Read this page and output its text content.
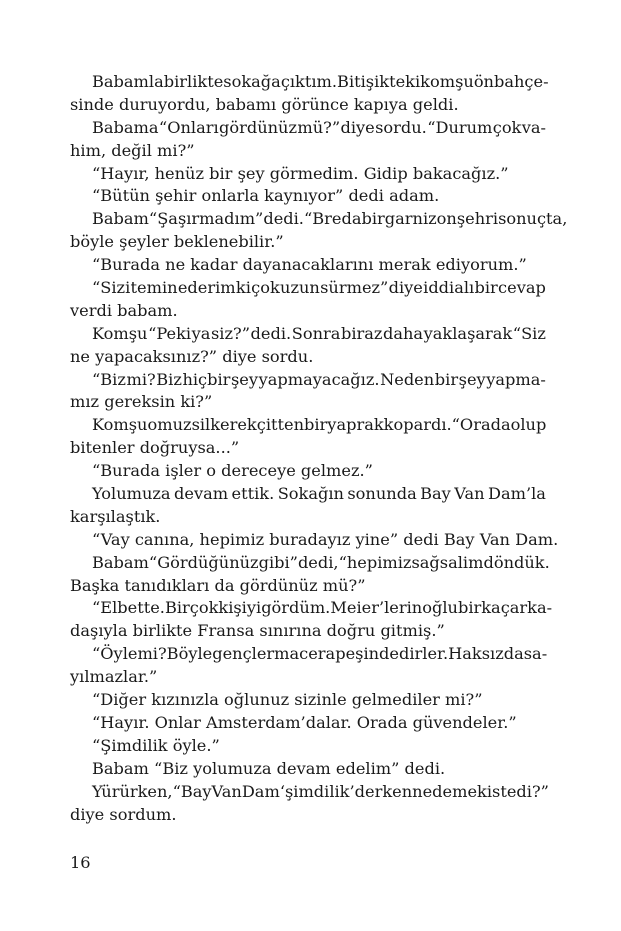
Babamla birlikte sokağa çıktım. Bitişikteki komşu ön bahçe-
sinde duruyordu, babamı görünce kapıya geldi.
Babama “Onları gördünüz mü?” diye sordu. “Durum çok va-
him, değil mi?”
“Hayır, henüz bir şey görmedim. Gidip bakacağız.”
“Bütün şehir onlarla kaynıyor” dedi adam.
Babam “Şaşırmadım” dedi. “Breda bir garnizon şehri sonuçta,
böyle şeyler beklenebilir.”
“Burada ne kadar dayanacaklarını merak ediyorum.”
“Sizi temin ederim ki çok uzun sürmez” diye iddialı bir cevap
verdi babam.
Komşu “Peki ya siz?” dedi. Sonra biraz daha yaklaşarak “Siz
ne yapacaksınız?” diye sordu.
“Biz mi? Biz hiçbir şey yapmayacağız. Neden bir şey yapma-
mız gereksin ki?”
Komşu omuz silkerek çitten bir yaprak kopardı. “Orada olup
bitenler doğruysa...”
“Burada işler o dereceye gelmez.”
Yolumuza devam ettik. Sokağın sonunda Bay Van Dam’la
karşılaştık.
“Vay canına, hepimiz buradayız yine” dedi Bay Van Dam.
Babam “Gördüğünüz gibi” dedi, “hepimiz sağ salim döndük.
Başka tanıdıkları da gördünüz mü?”
“Elbette. Birçok kişiyi gördüm. Meier’lerin oğlu birkaç arka-
daşıyla birlikte Fransa sınırına doğru gitmiş.”
“Öyle mi? Böyle gençler macera peşindedirler. Haksız da sa-
yılmazlar.”
“Diğer kızınızla oğlunuz sizinle gelmediler mi?”
“Hayır. Onlar Amsterdam’dalar. Orada güvendeler.”
“Şimdilik öyle.”
Babam “Biz yolumuza devam edelim” dedi.
Yürürken, “Bay Van Dam ‘şimdilik’ derken ne demek istedi?”
diye sordum.
16
